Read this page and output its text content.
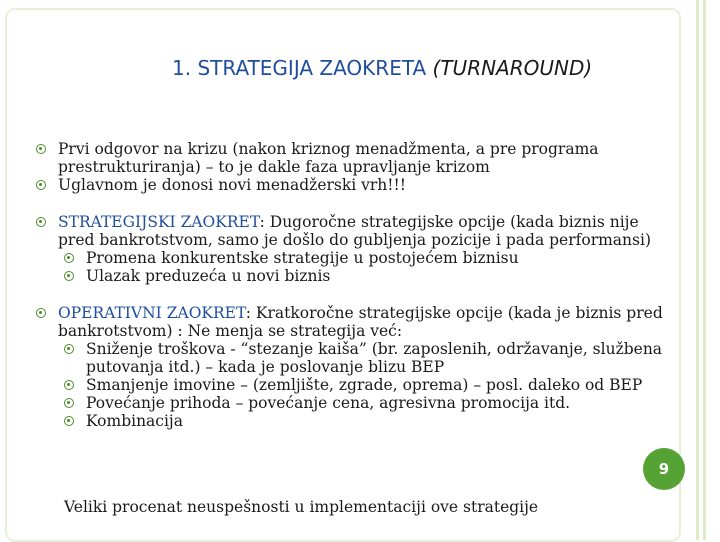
1. STRATEGIJA ZAOKRETA (TURNAROUND)
Prvi odgovor na krizu (nakon kriznog menadžmenta, a pre programa prestrukturiranja) – to je dakle faza upravljanje krizom
Uglavnom je donosi novi menadžerski vrh!!!
STRATEGIJSKI ZAOKRET: Dugoročne strategijske opcije (kada biznis nije pred bankrotstvom, samo je došlo do gubljenja pozicije i pada performansi)
Promena konkurentske strategije u postojećem biznisu
Ulazak preduzeća u novi biznis
OPERATIVNI ZAOKRET: Kratkoročne strategijske opcije (kada je biznis pred bankrotstvom) : Ne menja se strategija već:
Sniženje troškova - “stezanje kaiša” (br. zaposlenih, održavanje, službena putovanja itd.) – kada je poslovanje blizu BEP
Smanjenje imovine – (zemljište, zgrade, oprema) – posl. daleko od BEP
Povećanje prihoda – povećanje cena, agresivna promocija itd.
Kombinacija
9
Veliki procenat neuspešnosti u implementaciji ove strategije
